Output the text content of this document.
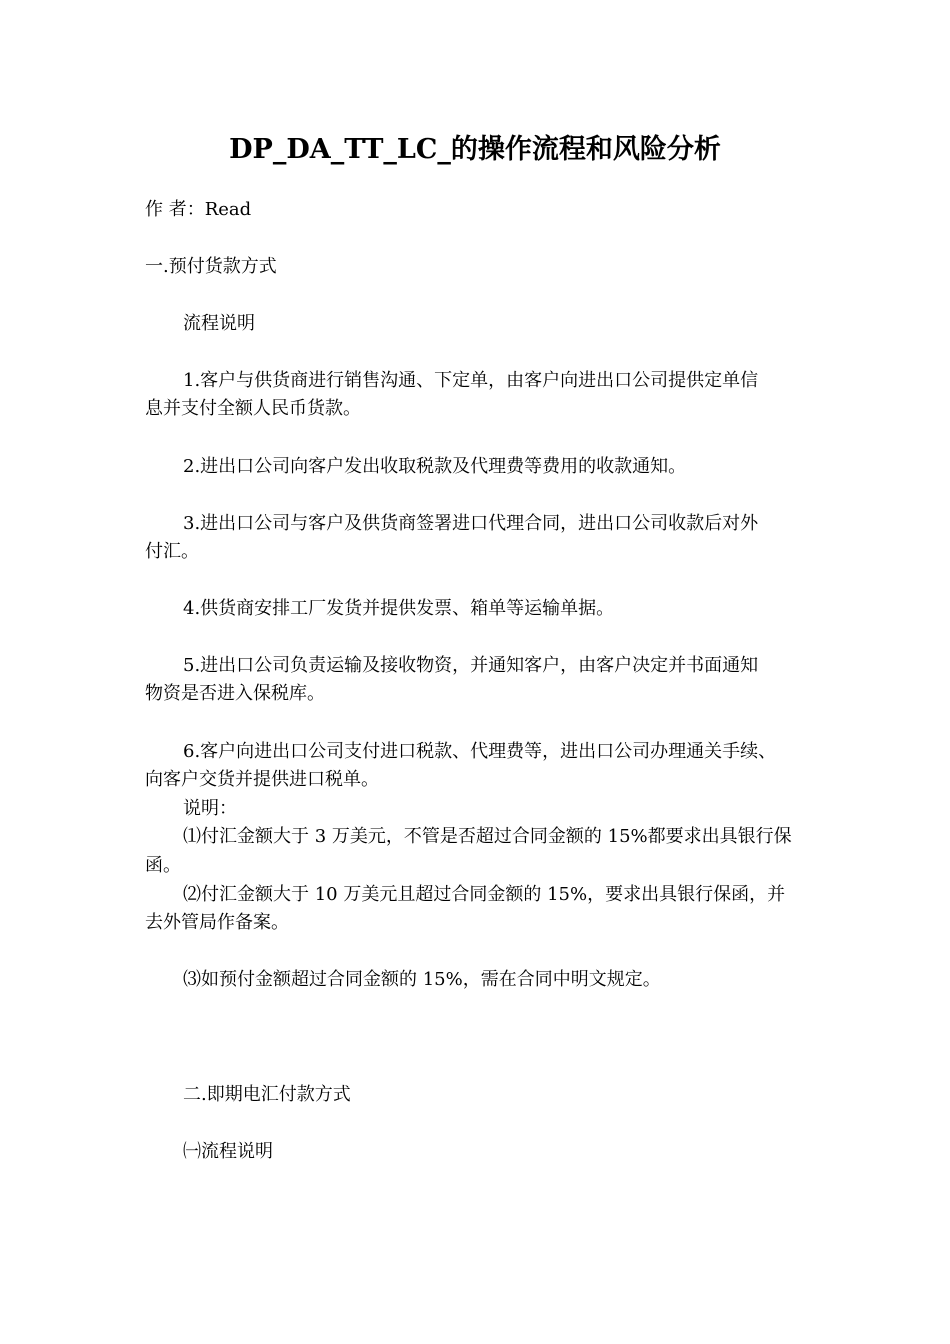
DP_DA_TT_LC_的操作流程和风险分析
作 者：Read
一.预付货款方式
流程说明
1.客户与供货商进行销售沟通、下定单，由客户向进出口公司提供定单信
息并支付全额人民币货款。
2.进出口公司向客户发出收取税款及代理费等费用的收款通知。
3.进出口公司与客户及供货商签署进口代理合同，进出口公司收款后对外
付汇。
4.供货商安排工厂发货并提供发票、箱单等运输单据。
5.进出口公司负责运输及接收物资，并通知客户，由客户决定并书面通知
物资是否进入保税库。
6.客户向进出口公司支付进口税款、代理费等，进出口公司办理通关手续、
向客户交货并提供进口税单。
说明：
⑴付汇金额大于 3 万美元，不管是否超过合同金额的 15%都要求出具银行保
函。
⑵付汇金额大于 10 万美元且超过合同金额的 15%，要求出具银行保函，并
去外管局作备案。
⑶如预付金额超过合同金额的 15%，需在合同中明文规定。
二.即期电汇付款方式
㈠流程说明
